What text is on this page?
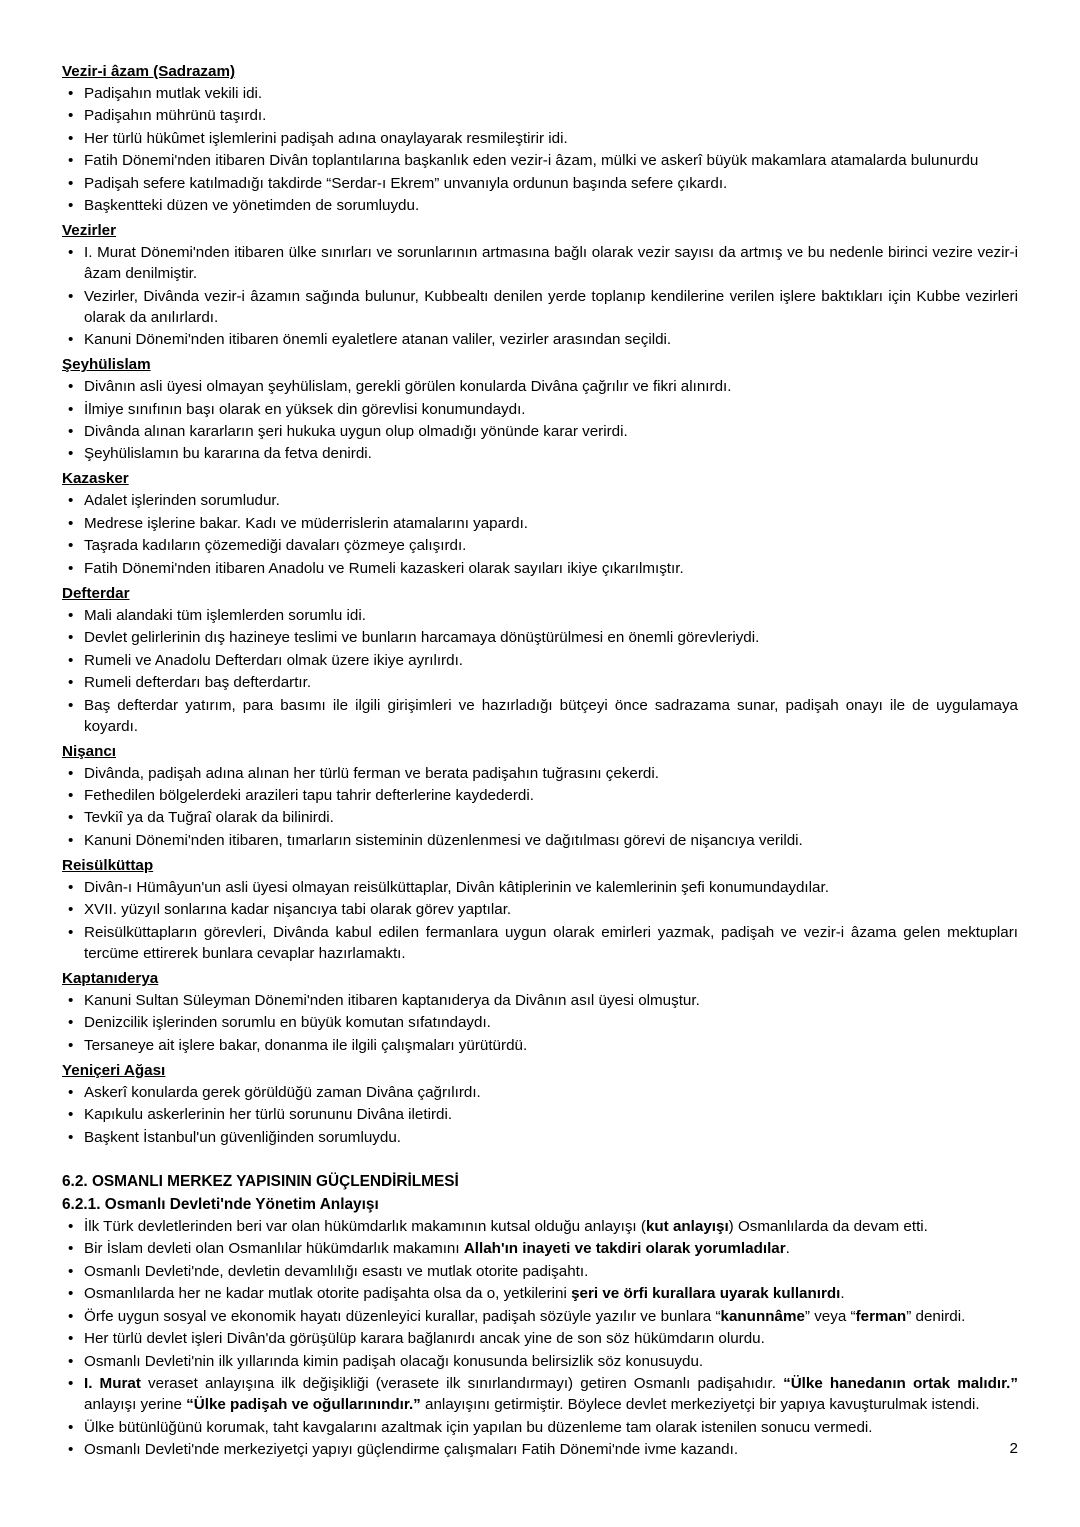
Vezir-i âzam (Sadrazam)
• Padişahın mutlak vekili idi.
• Padişahın mührünü taşırdı.
• Her türlü hükûmet işlemlerini padişah adına onaylayarak resmileştirir idi.
• Fatih Dönemi'nden itibaren Divân toplantılarına başkanlık eden vezir-i âzam, mülki ve askerî büyük makamlara atamalarda bulunurdu
• Padişah sefere katılmadığı takdirde “Serdar-ı Ekrem” unvanıyla ordunun başında sefere çıkardı.
• Başkentteki düzen ve yönetimden de sorumluydu.
Vezirler
• I. Murat Dönemi'nden itibaren ülke sınırları ve sorunlarının artmasına bağlı olarak vezir sayısı da artmış ve bu nedenle birinci vezire vezir-i âzam denilmiştir.
• Vezirler, Divânda vezir-i âzamın sağında bulunur, Kubbealtı denilen yerde toplanıp kendilerine verilen işlere baktıkları için Kubbe vezirleri olarak da anılırlardı.
• Kanuni Dönemi'nden itibaren önemli eyaletlere atanan valiler, vezirler arasından seçildi.
Şeyhülislam
• Divânın asli üyesi olmayan şeyhülislam, gerekli görülen konularda Divâna çağrılır ve fikri alınırdı.
• İlmiye sınıfının başı olarak en yüksek din görevlisi konumundaydı.
• Divânda alınan kararların şeri hukuka uygun olup olmadığı yönünde karar verirdi.
• Şeyhülislamın bu kararına da fetva denirdi.
Kazasker
• Adalet işlerinden sorumludur.
• Medrese işlerine bakar. Kadı ve müderrislerin atamalarını yapardı.
• Taşrada kadıların çözemediği davaları çözmeye çalışırdı.
• Fatih Dönemi'nden itibaren Anadolu ve Rumeli kazaskeri olarak sayıları ikiye çıkarılmıştır.
Defterdar
• Mali alandaki tüm işlemlerden sorumlu idi.
• Devlet gelirlerinin dış hazineye teslimi ve bunların harcamaya dönüştürülmesi en önemli görevleriydi.
• Rumeli ve Anadolu Defterdarı olmak üzere ikiye ayrılırdı.
• Rumeli defterdarı baş defterdartır.
• Baş defterdar yatırım, para basımı ile ilgili girişimleri ve hazırladığı bütçeyi önce sadrazama sunar, padişah onayı ile de uygulamaya koyardı.
Nişancı
• Divânda, padişah adına alınan her türlü ferman ve berata padişahın tuğrasını çekerdi.
• Fethedilen bölgelerdeki arazileri tapu tahrir defterlerine kaydederdi.
• Tevkiî ya da Tuğraî olarak da bilinirdi.
• Kanuni Dönemi'nden itibaren, tımarların sisteminin düzenlenmesi ve dağıtılması görevi de nişancıya verildi.
Reisülküttap
• Divân-ı Hümâyun'un asli üyesi olmayan reisülküttaplar, Divân kâtiplerinin ve kalemlerinin şefi konumundaydılar.
• XVII. yüzyıl sonlarına kadar nişancıya tabi olarak görev yaptılar.
• Reisülküttapların görevleri, Divânda kabul edilen fermanlara uygun olarak emirleri yazmak, padişah ve vezir-i âzama gelen mektupları tercüme ettirerek bunlara cevaplar hazırlamaktı.
Kaptanıderya
• Kanuni Sultan Süleyman Dönemi'nden itibaren kaptanıderya da Divânın asıl üyesi olmuştur.
• Denizcilik işlerinden sorumlu en büyük komutan sıfatındaydı.
• Tersaneye ait işlere bakar, donanma ile ilgili çalışmaları yürütürdü.
Yeniçeri Ağası
• Askerî konularda gerek görüldüğü zaman Divâna çağrılırdı.
• Kapıkulu askerlerinin her türlü sorununu Divâna iletirdi.
• Başkent İstanbul'un güvenliğinden sorumluydu.
6.2. OSMANLI MERKEZ YAPISININ GÜÇLENDİRİLMESİ
6.2.1. Osmanlı Devleti'nde Yönetim Anlayışı
• İlk Türk devletlerinden beri var olan hükümdarlık makamının kutsal olduğu anlayışı (kut anlayışı) Osmanlılarda da devam etti.
• Bir İslam devleti olan Osmanlılar hükümdarlık makamını Allah'ın inayeti ve takdiri olarak yorumladılar.
• Osmanlı Devleti'nde, devletin devamlılığı esastı ve mutlak otorite padişahtı.
• Osmanlılarda her ne kadar mutlak otorite padişahta olsa da o, yetkilerini şeri ve örfi kurallara uyarak kullanırdı.
• Örfe uygun sosyal ve ekonomik hayatı düzenleyici kurallar, padişah sözüyle yazılır ve bunlara “kanunnâme” veya “ferman” denirdi.
• Her türlü devlet işleri Divân'da görüşülüp karara bağlanırdı ancak yine de son söz hükümdarın olurdu.
• Osmanlı Devleti'nin ilk yıllarında kimin padişah olacağı konusunda belirsizlik söz konusuydu.
• I. Murat veraset anlayışına ilk değişikliği (verasete ilk sınırlandırmayı) getiren Osmanlı padişahıdır. “Ülke hanedanın ortak malıdır.” anlayışı yerine “Ülke padişah ve oğullarınındır.” anlayışını getirmiştir. Böylece devlet merkeziyetçi bir yapıya kavuşturulmak istendi.
• Ülke bütünlüğünü korumak, taht kavgalarını azaltmak için yapılan bu düzenleme tam olarak istenilen sonucu vermedi.
• Osmanlı Devleti'nde merkeziyetçi yapıyı güçlendirme çalışmaları Fatih Dönemi'nde ivme kazandı.	2
